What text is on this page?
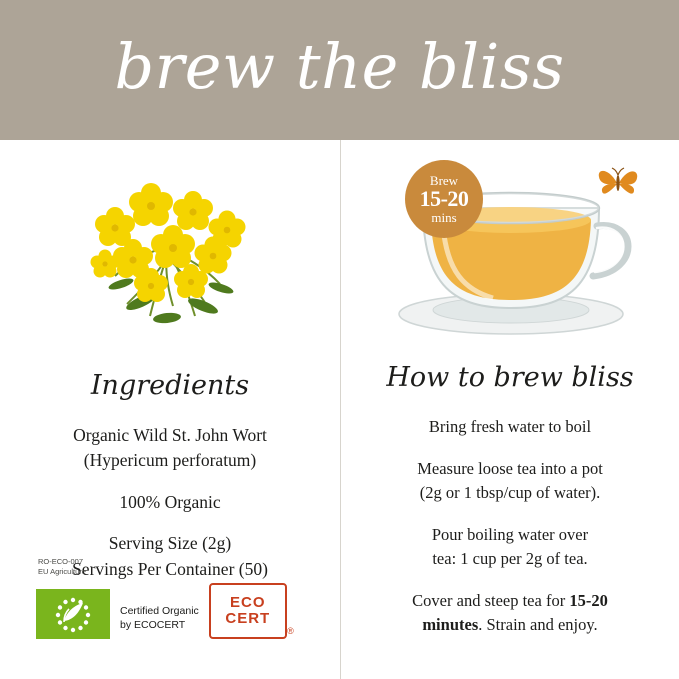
brew the bliss
Ingredients
Organic Wild St. John Wort
(Hypericum perforatum)
100% Organic
Serving Size (2g)
Servings Per Container (50)
RO-ECO-007
EU Agriculture
Certified Organic
by ECOCERT
ECO
CERT
®
Brew
15-20
mins
How to brew bliss
Bring fresh water to boil
Measure loose tea into a pot
(2g or 1 tbsp/cup of water).
Pour boiling water over
tea: 1 cup per 2g of tea.
Cover and steep tea for 15-20
minutes. Strain and enjoy.
